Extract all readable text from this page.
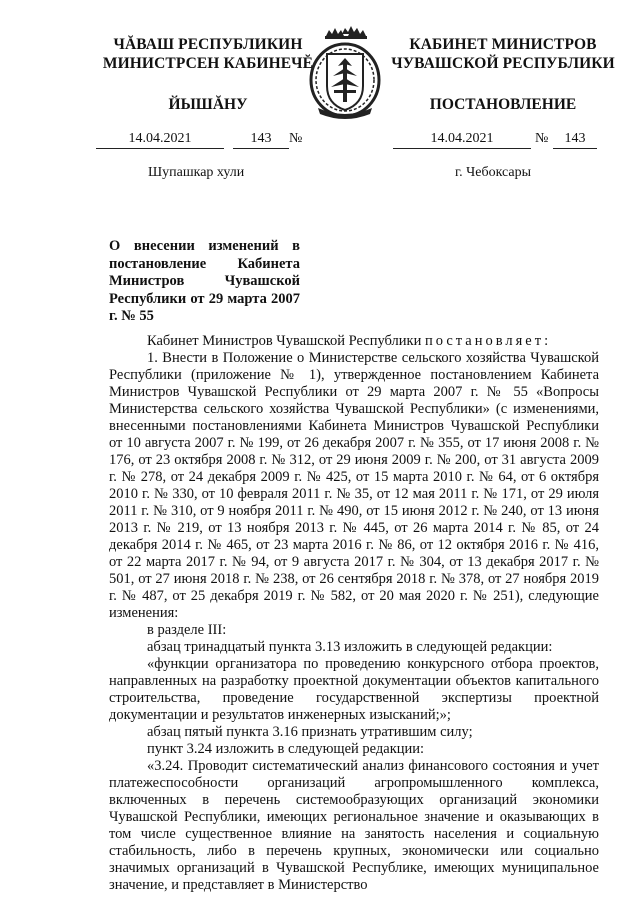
ЧĂВАШ РЕСПУБЛИКИН
МИНИСТРСЕН КАБИНЕЧĔ
ЙЫШĂНУ
КАБИНЕТ МИНИСТРОВ
ЧУВАШСКОЙ РЕСПУБЛИКИ
ПОСТАНОВЛЕНИЕ
14.04.2021	143	№	14.04.2021	№	143
Шупашкар хули	г. Чебоксары
О внесении изменений в постановление Кабинета Министров Чувашской Республики от 29 марта 2007 г. № 55

Кабинет Министров Чувашской Республики постановляет:

1. Внести в Положение о Министерстве сельского хозяйства Чувашской Республики (приложение № 1), утвержденное постановлением Кабинета Министров Чувашской Республики от 29 марта 2007 г. № 55 «Вопросы Министерства сельского хозяйства Чувашской Республики» (с изменениями, внесенными постановлениями Кабинета Министров Чувашской Республики от 10 августа 2007 г. № 199, от 26 декабря 2007 г. № 355, от 17 июня 2008 г. № 176, от 23 октября 2008 г. № 312, от 29 июня 2009 г. № 200, от 31 августа 2009 г. № 278, от 24 декабря 2009 г. № 425, от 15 марта 2010 г. № 64, от 6 октября 2010 г. № 330, от 10 февраля 2011 г. № 35, от 12 мая 2011 г. № 171, от 29 июля 2011 г. № 310, от 9 ноября 2011 г. № 490, от 15 июня 2012 г. № 240, от 13 июня 2013 г. № 219, от 13 ноября 2013 г. № 445, от 26 марта 2014 г. № 85, от 24 декабря 2014 г. № 465, от 23 марта 2016 г. № 86, от 12 октября 2016 г. № 416, от 22 марта 2017 г. № 94, от 9 августа 2017 г. № 304, от 13 декабря 2017 г. № 501, от 27 июня 2018 г. № 238, от 26 сентября 2018 г. № 378, от 27 ноября 2019 г. № 487, от 25 декабря 2019 г. № 582, от 20 мая 2020 г. № 251), следующие изменения:

в разделе III:

абзац тринадцатый пункта 3.13 изложить в следующей редакции:

«функции организатора по проведению конкурсного отбора проектов, направленных на разработку проектной документации объектов капитального строительства, проведение государственной экспертизы проектной документации и результатов инженерных изысканий;»;

абзац пятый пункта 3.16 признать утратившим силу;

пункт 3.24 изложить в следующей редакции:

«3.24. Проводит систематический анализ финансового состояния и учет платежеспособности организаций агропромышленного комплекса, включенных в перечень системообразующих организаций экономики Чувашской Республики, имеющих региональное значение и оказывающих в том числе существенное влияние на занятость населения и социальную стабильность, либо в перечень крупных, экономически или социально значимых организаций в Чувашской Республике, имеющих муниципальное значение, и представляет в Министерство
